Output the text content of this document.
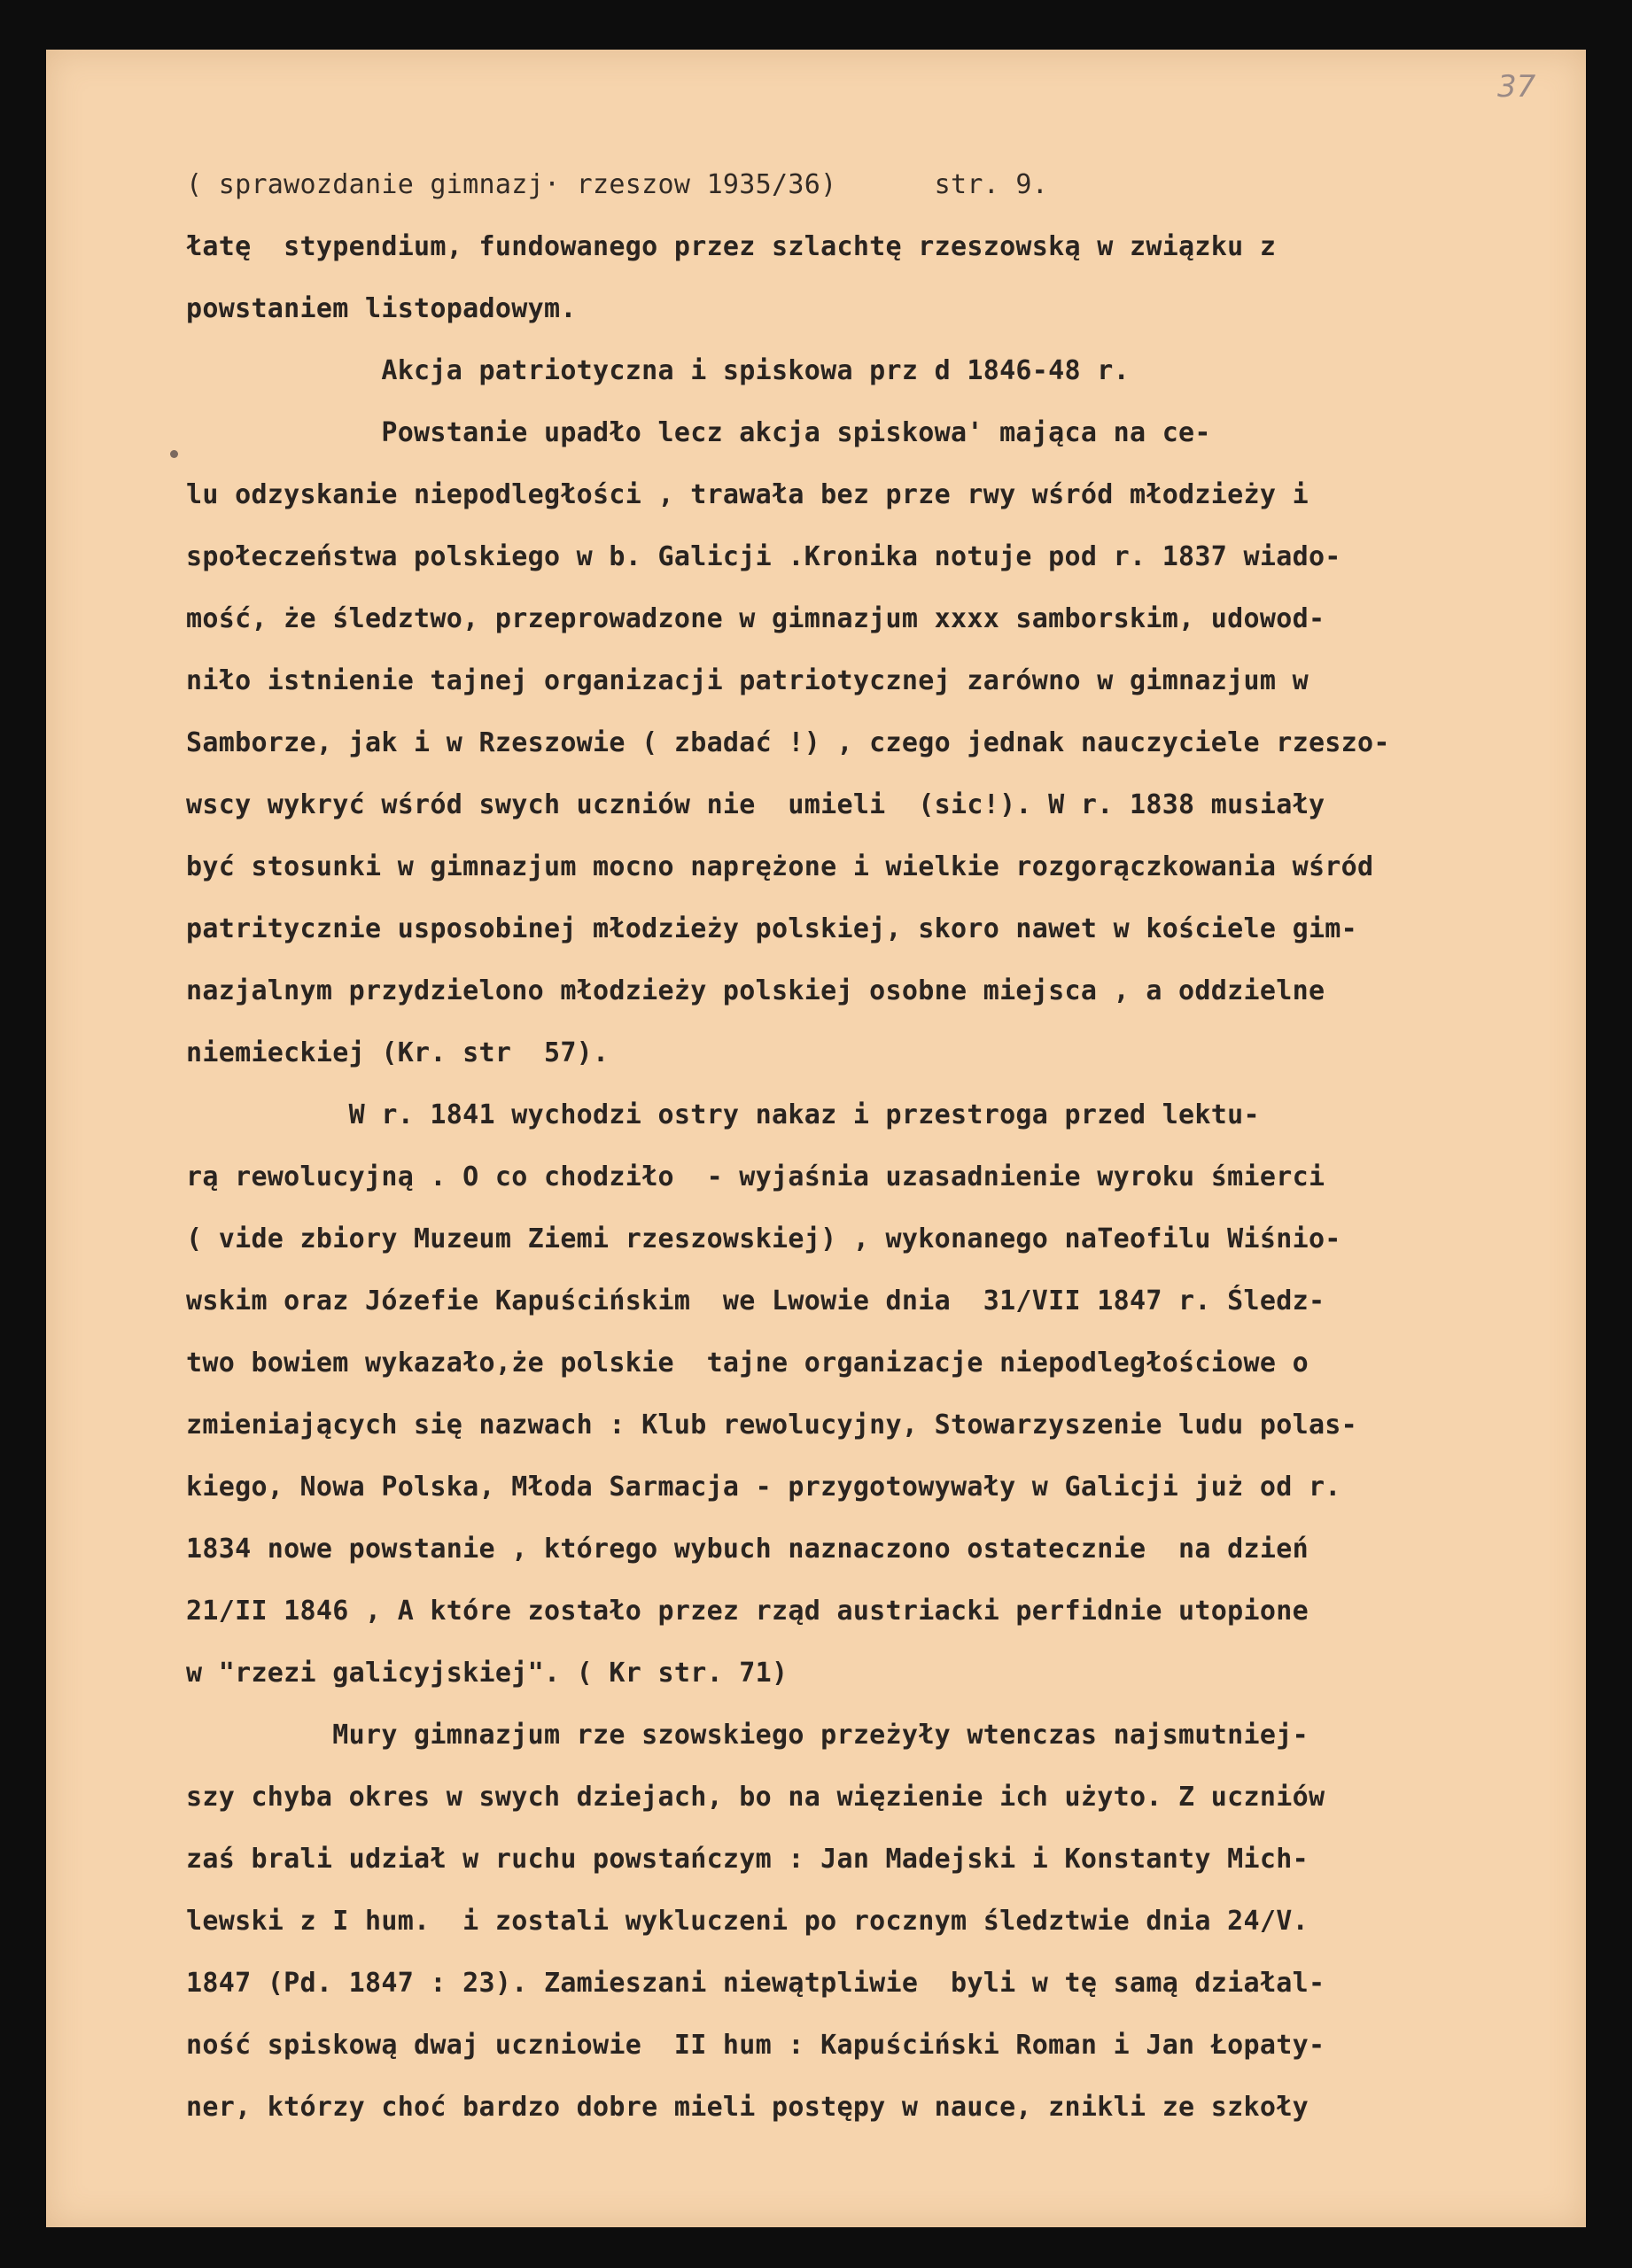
37
( sprawozdanie gimnazj· rzeszow 1935/36)      str. 9.
łatę  stypendium, fundowanego przez szlachtę rzeszowską w związku z
powstaniem listopadowym.
Akcja patriotyczna i spiskowa prz d 1846-48 r.
Powstanie upadło lecz akcja spiskowa' mająca na ce-
lu odzyskanie niepodległości , trawała bez prze rwy wśród młodzieży i
społeczeństwa polskiego w b. Galicji .Kronika notuje pod r. 1837 wiado-
mość, że śledztwo, przeprowadzone w gimnazjum xxxx samborskim, udowod-
niło istnienie tajnej organizacji patriotycznej zarówno w gimnazjum w
Samborze, jak i w Rzeszowie ( zbadać !) , czego jednak nauczyciele rzeszo-
wscy wykryć wśród swych uczniów nie  umieli  (sic!). W r. 1838 musiały
być stosunki w gimnazjum mocno naprężone i wielkie rozgorączkowania wśród
patritycznie usposobinej młodzieży polskiej, skoro nawet w kościele gim-
nazjalnym przydzielono młodzieży polskiej osobne miejsca , a oddzielne
niemieckiej (Kr. str  57).
W r. 1841 wychodzi ostry nakaz i przestroga przed lektu-
rą rewolucyjną . O co chodziło  - wyjaśnia uzasadnienie wyroku śmierci
( vide zbiory Muzeum Ziemi rzeszowskiej) , wykonanego naTeofilu Wiśnio-
wskim oraz Józefie Kapuścińskim  we Lwowie dnia  31/VII 1847 r. Śledz-
two bowiem wykazało,że polskie  tajne organizacje niepodległościowe o
zmieniających się nazwach : Klub rewolucyjny, Stowarzyszenie ludu polas-
kiego, Nowa Polska, Młoda Sarmacja - przygotowywały w Galicji już od r.
1834 nowe powstanie , którego wybuch naznaczono ostatecznie  na dzień
21/II 1846 , A które zostało przez rząd austriacki perfidnie utopione
w "rzezi galicyjskiej". ( Kr str. 71)
Mury gimnazjum rze szowskiego przeżyły wtenczas najsmutniej-
szy chyba okres w swych dziejach, bo na więzienie ich użyto. Z uczniów
zaś brali udział w ruchu powstańczym : Jan Madejski i Konstanty Mich-
lewski z I hum.  i zostali wykluczeni po rocznym śledztwie dnia 24/V.
1847 (Pd. 1847 : 23). Zamieszani niewątpliwie  byli w tę samą działal-
ność spiskową dwaj uczniowie  II hum : Kapuściński Roman i Jan Łopaty-
ner, którzy choć bardzo dobre mieli postępy w nauce, znikli ze szkoły
